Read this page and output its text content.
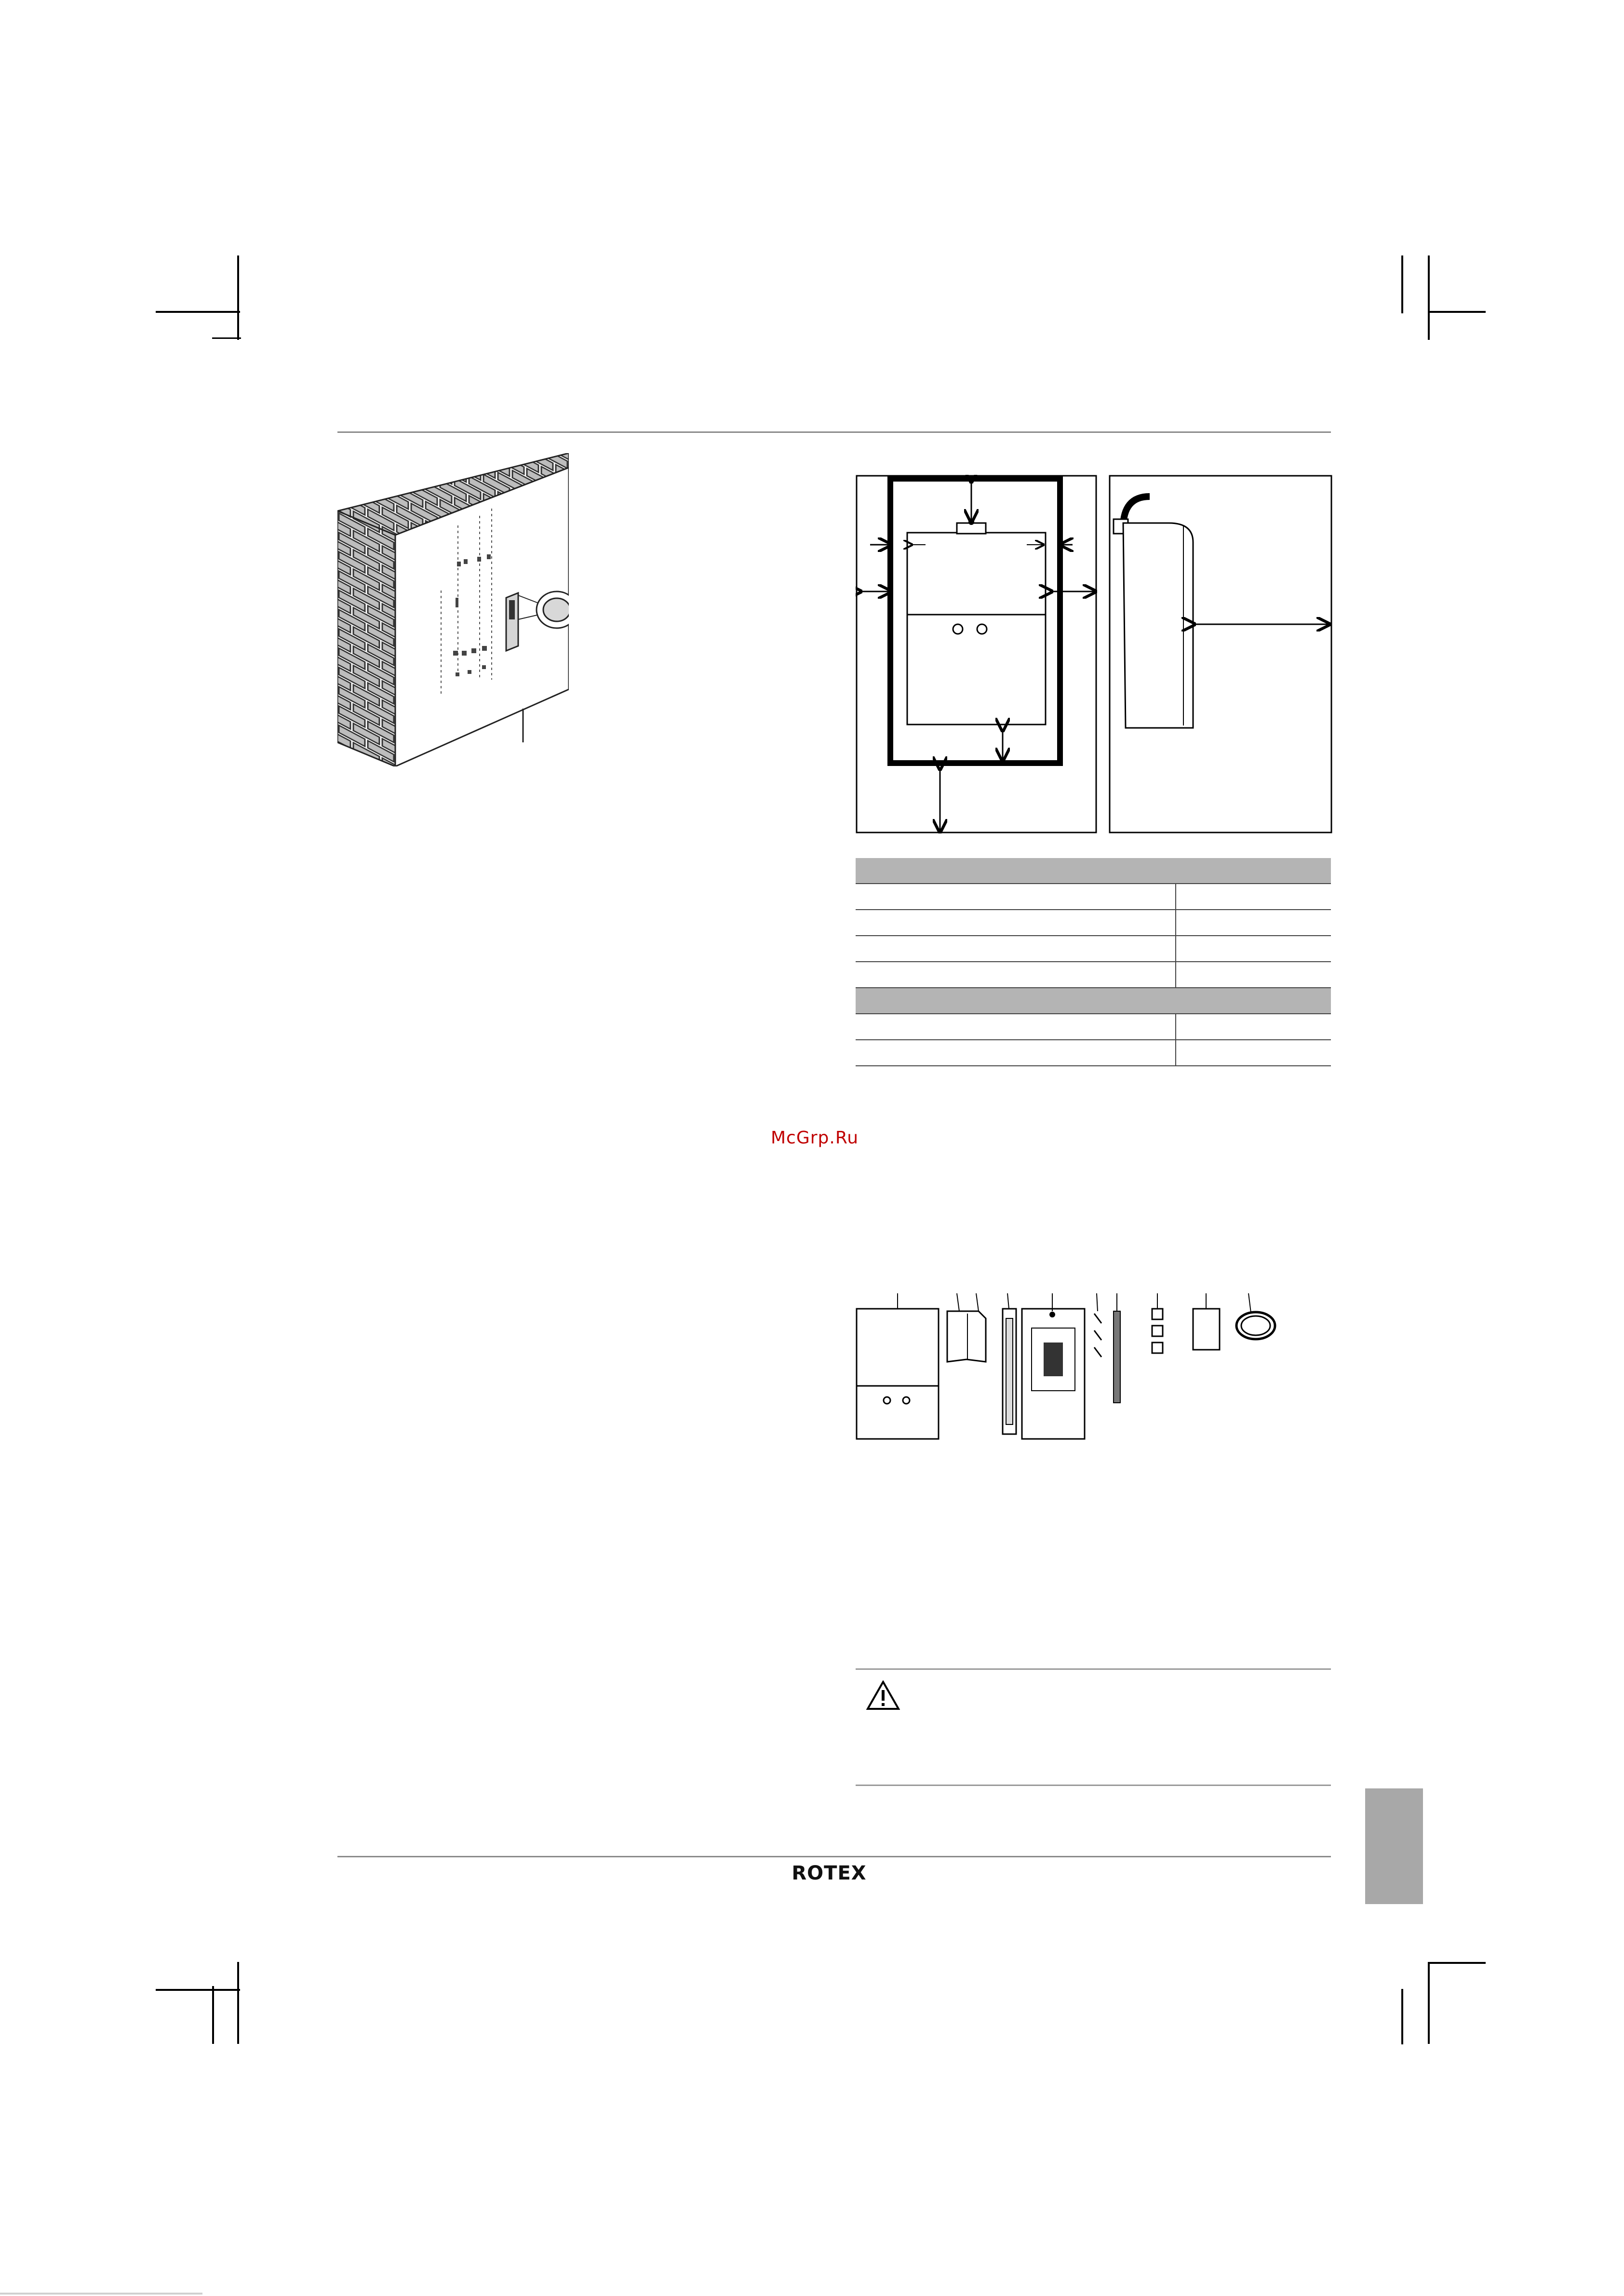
McGrp.Ru
ROTEX
